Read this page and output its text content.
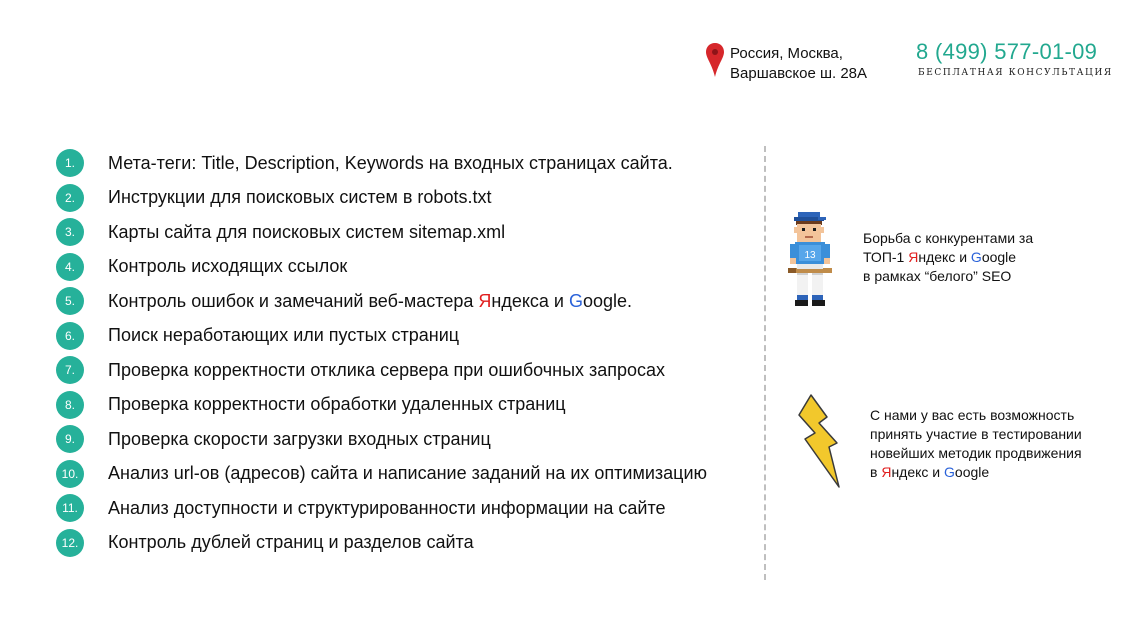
Россия, Москва,
Варшавское ш. 28А
8 (499) 577-01-09
БЕСПЛАТНАЯ КОНСУЛЬТАЦИЯ
1.	Мета-теги: Title, Description, Keywords на входных страницах сайта.
2.	Инструкции для поисковых систем в robots.txt
3.	Карты сайта для поисковых систем sitemap.xml
4.	Контроль исходящих ссылок
5.	Контроль ошибок и замечаний веб-мастера Яндекса и Google.
6.	Поиск неработающих или пустых страниц
7.	Проверка корректности отклика сервера при ошибочных запросах
8.	Проверка корректности обработки удаленных страниц
9.	Проверка скорости загрузки входных страниц
10.	Анализ url-ов (адресов) сайта и написание заданий на их оптимизацию
11.	Анализ доступности и структурированности информации на сайте
12.	Контроль дублей страниц и разделов сайта
13
Борьба с конкурентами за
ТОП-1 Яндекс и Google
в рамках “белого” SEO
С нами у вас есть возможность
принять участие в тестировании
новейших методик продвижения
в Яндекс и Google
